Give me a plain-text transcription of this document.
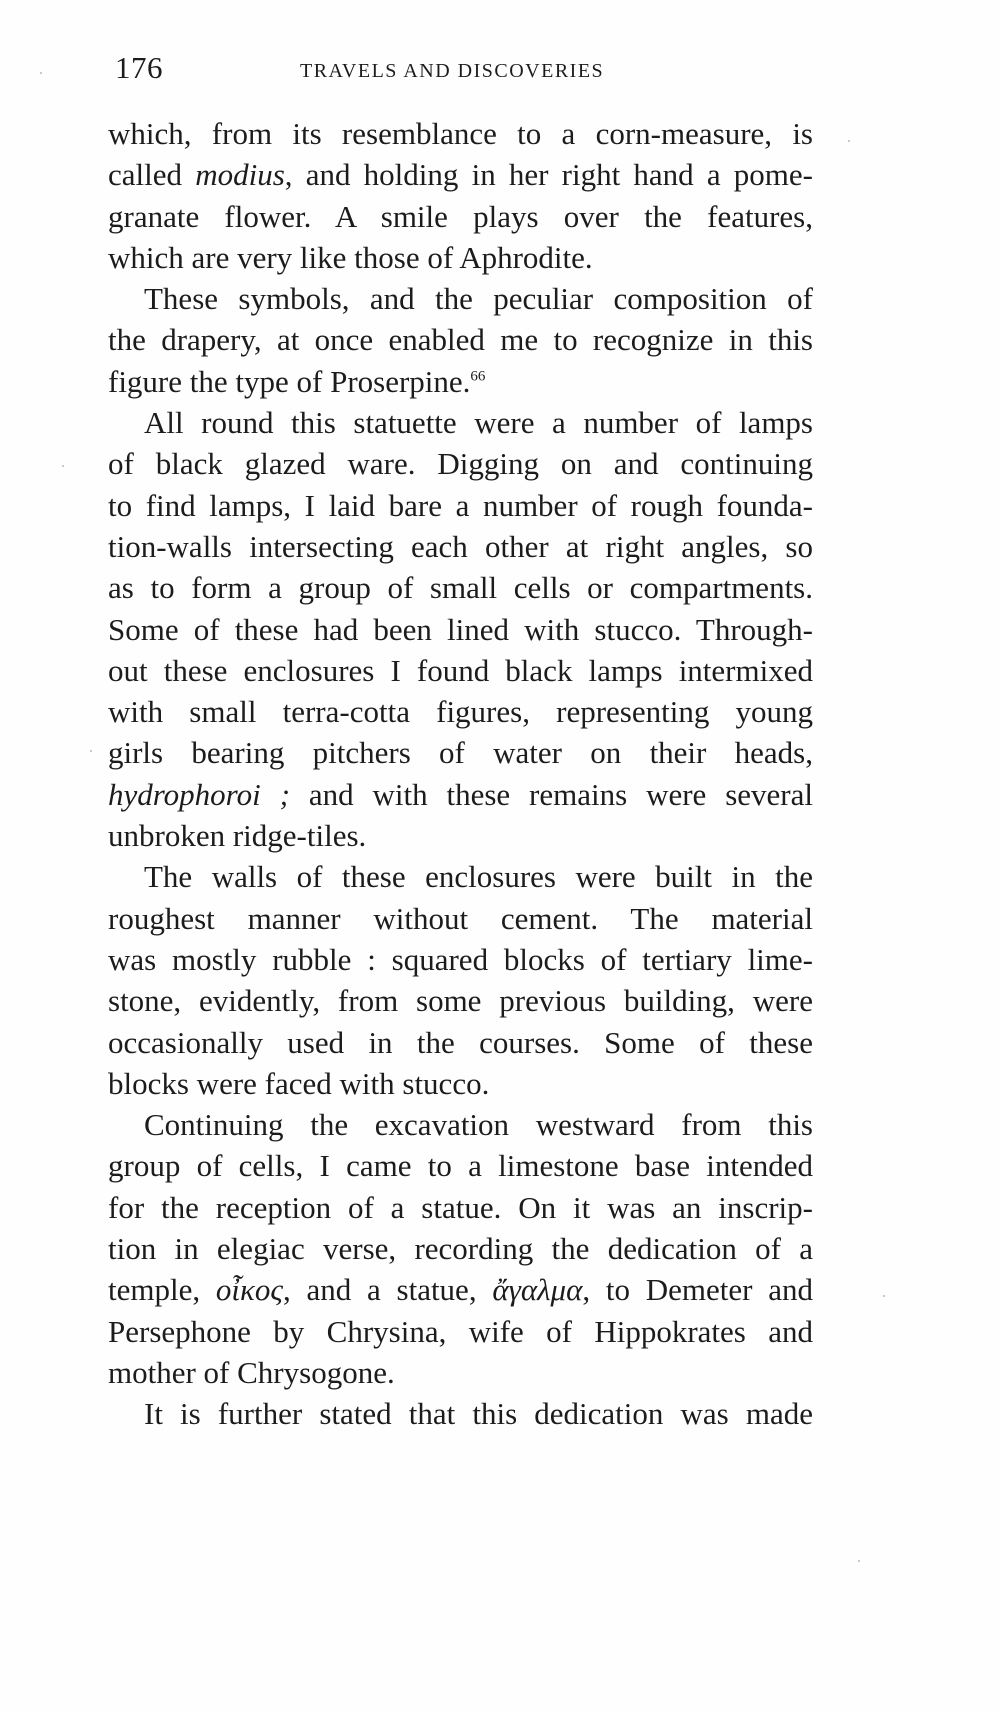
176	TRAVELS AND DISCOVERIES
which, from its resemblance to a corn-measure, is
called modius, and holding in her right hand a pome-
granate flower. A smile plays over the features,
which are very like those of Aphrodite.
These symbols, and the peculiar composition of
the drapery, at once enabled me to recognize in this
figure the type of Proserpine.$^{66}$
All round this statuette were a number of lamps
of black glazed ware. Digging on and continuing
to find lamps, I laid bare a number of rough founda-
tion-walls intersecting each other at right angles, so
as to form a group of small cells or compartments.
Some of these had been lined with stucco. Through-
out these enclosures I found black lamps intermixed
with small terra-cotta figures, representing young
girls bearing pitchers of water on their heads,
hydrophoroi ; and with these remains were several
unbroken ridge-tiles.
The walls of these enclosures were built in the
roughest manner without cement. The material
was mostly rubble : squared blocks of tertiary lime-
stone, evidently, from some previous building, were
occasionally used in the courses. Some of these
blocks were faced with stucco.
Continuing the excavation westward from this
group of cells, I came to a limestone base intended
for the reception of a statue. On it was an inscrip-
tion in elegiac verse, recording the dedication of a
temple, οἶκος, and a statue, ἄγαλμα, to Demeter and
Persephone by Chrysina, wife of Hippokrates and
mother of Chrysogone.
It is further stated that this dedication was made
